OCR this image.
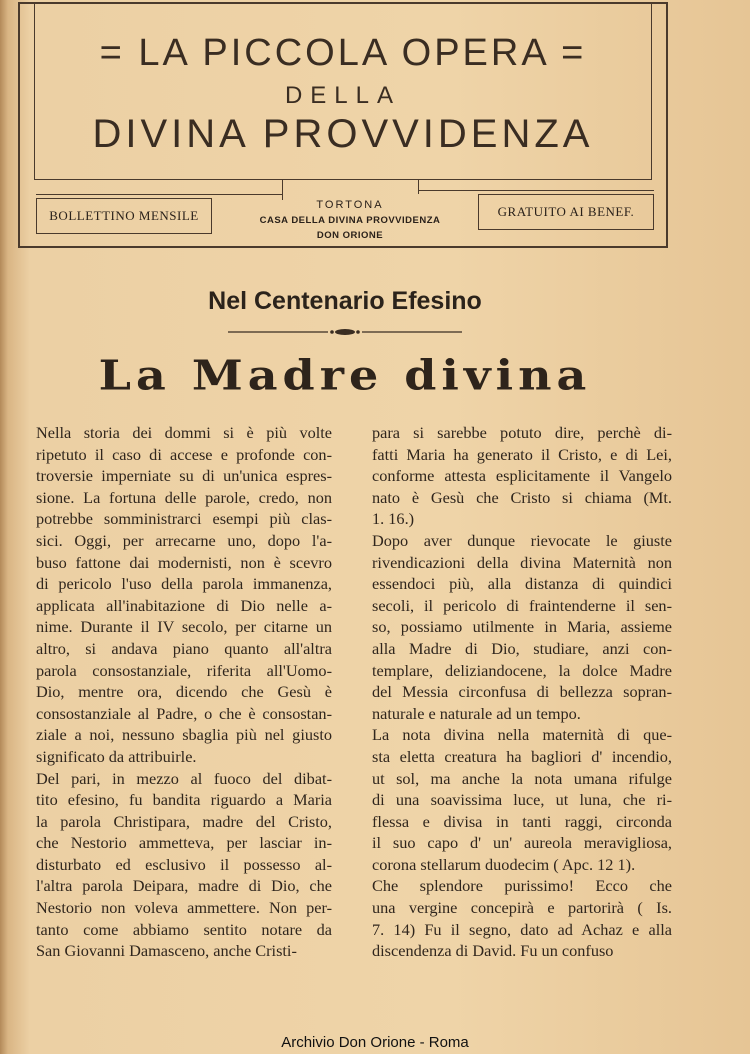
= LA PICCOLA OPERA =
DELLA
DIVINA PROVVIDENZA
BOLLETTINO MENSILE
TORTONA
CASA DELLA DIVINA PROVVIDENZA
DON ORIONE
GRATUITO AI BENEF.
Nel Centenario Efesino
La Madre divina

Nella storia dei dommi si è più volte
ripetuto il caso di accese e profonde con-
troversie imperniate su di un'unica espres-
sione. La fortuna delle parole, credo, non
potrebbe somministrarci esempi più clas-
sici. Oggi, per arrecarne uno, dopo l'a-
buso fattone dai modernisti, non è scevro
di pericolo l'uso della parola immanenza,
applicata all'inabitazione di Dio nelle a-
nime. Durante il IV secolo, per citarne un
altro, si andava piano quanto all'altra
parola consostanziale, riferita all'Uomo-
Dio, mentre ora, dicendo che Gesù è
consostanziale al Padre, o che è consostan-
ziale a noi, nessuno sbaglia più nel giusto
significato da attribuirle.

Del pari, in mezzo al fuoco del dibat-
tito efesino, fu bandita riguardo a Maria
la parola Christipara, madre del Cristo,
che Nestorio ammetteva, per lasciar in-
disturbato ed esclusivo il possesso al-
l'altra parola Deipara, madre di Dio, che
Nestorio non voleva ammettere. Non per-
tanto come abbiamo sentito notare da
San Giovanni Damasceno, anche Cristi-

para si sarebbe potuto dire, perchè di-
fatti Maria ha generato il Cristo, e di Lei,
conforme attesta esplicitamente il Vangelo
nato è Gesù che Cristo si chiama (Mt.
1. 16.)

Dopo aver dunque rievocate le giuste
rivendicazioni della divina Maternità non
essendoci più, alla distanza di quindici
secoli, il pericolo di fraintenderne il sen-
so, possiamo utilmente in Maria, assieme
alla Madre di Dio, studiare, anzi con-
templare, deliziandocene, la dolce Madre
del Messia circonfusa di bellezza sopran-
naturale e naturale ad un tempo.

La nota divina nella maternità di que-
sta eletta creatura ha bagliori d' incendio,
ut sol, ma anche la nota umana rifulge
di una soavissima luce, ut luna, che ri-
flessa e divisa in tanti raggi, circonda
il suo capo d' un' aureola meravigliosa,
corona stellarum duodecim ( Apc. 12 1).

Che splendore purissimo! Ecco che
una vergine concepirà e partorirà ( Is.
7. 14) Fu il segno, dato ad Achaz e alla
discendenza di David. Fu un confuso

Archivio Don Orione - Roma
